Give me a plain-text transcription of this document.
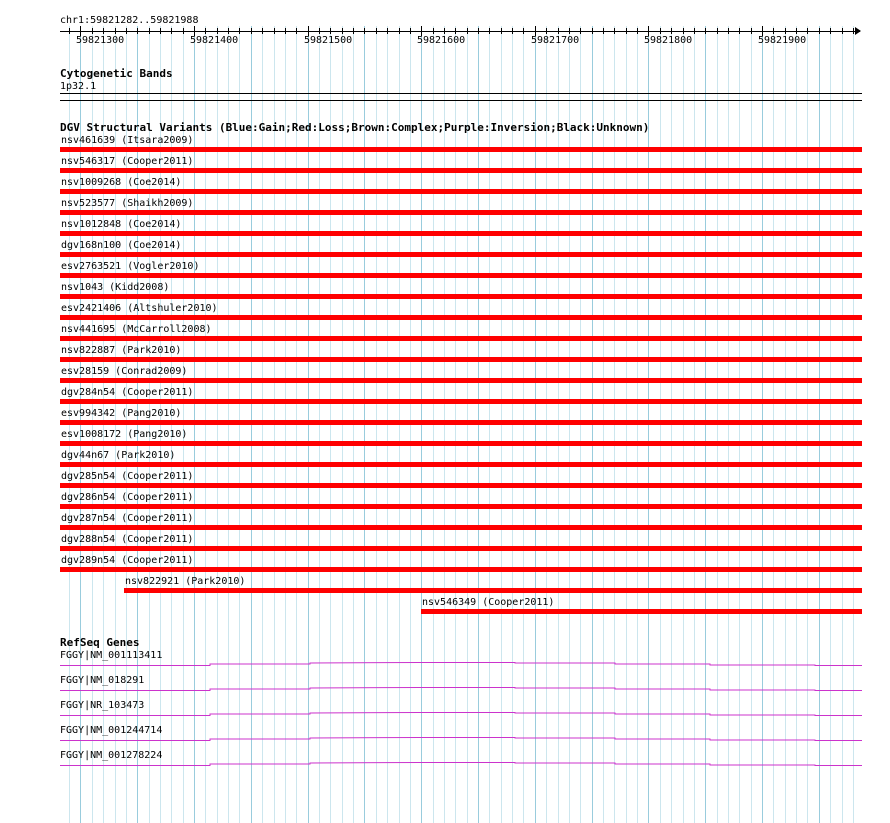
chr1:59821282..59821988
59821300	59821400	59821500	59821600	59821700	59821800	59821900
Cytogenetic Bands
1p32.1
DGV Structural Variants (Blue:Gain;Red:Loss;Brown:Complex;Purple:Inversion;Black:Unknown)
nsv461639 (Itsara2009)
nsv546317 (Cooper2011)
nsv1009268 (Coe2014)
nsv523577 (Shaikh2009)
nsv1012848 (Coe2014)
dgv168n100 (Coe2014)
esv2763521 (Vogler2010)
nsv1043 (Kidd2008)
esv2421406 (Altshuler2010)
nsv441695 (McCarroll2008)
nsv822887 (Park2010)
esv28159 (Conrad2009)
dgv284n54 (Cooper2011)
esv994342 (Pang2010)
esv1008172 (Pang2010)
dgv44n67 (Park2010)
dgv285n54 (Cooper2011)
dgv286n54 (Cooper2011)
dgv287n54 (Cooper2011)
dgv288n54 (Cooper2011)
dgv289n54 (Cooper2011)
nsv822921 (Park2010)
nsv546349 (Cooper2011)
RefSeq Genes
FGGY|NM_001113411
FGGY|NM_018291
FGGY|NR_103473
FGGY|NM_001244714
FGGY|NM_001278224
